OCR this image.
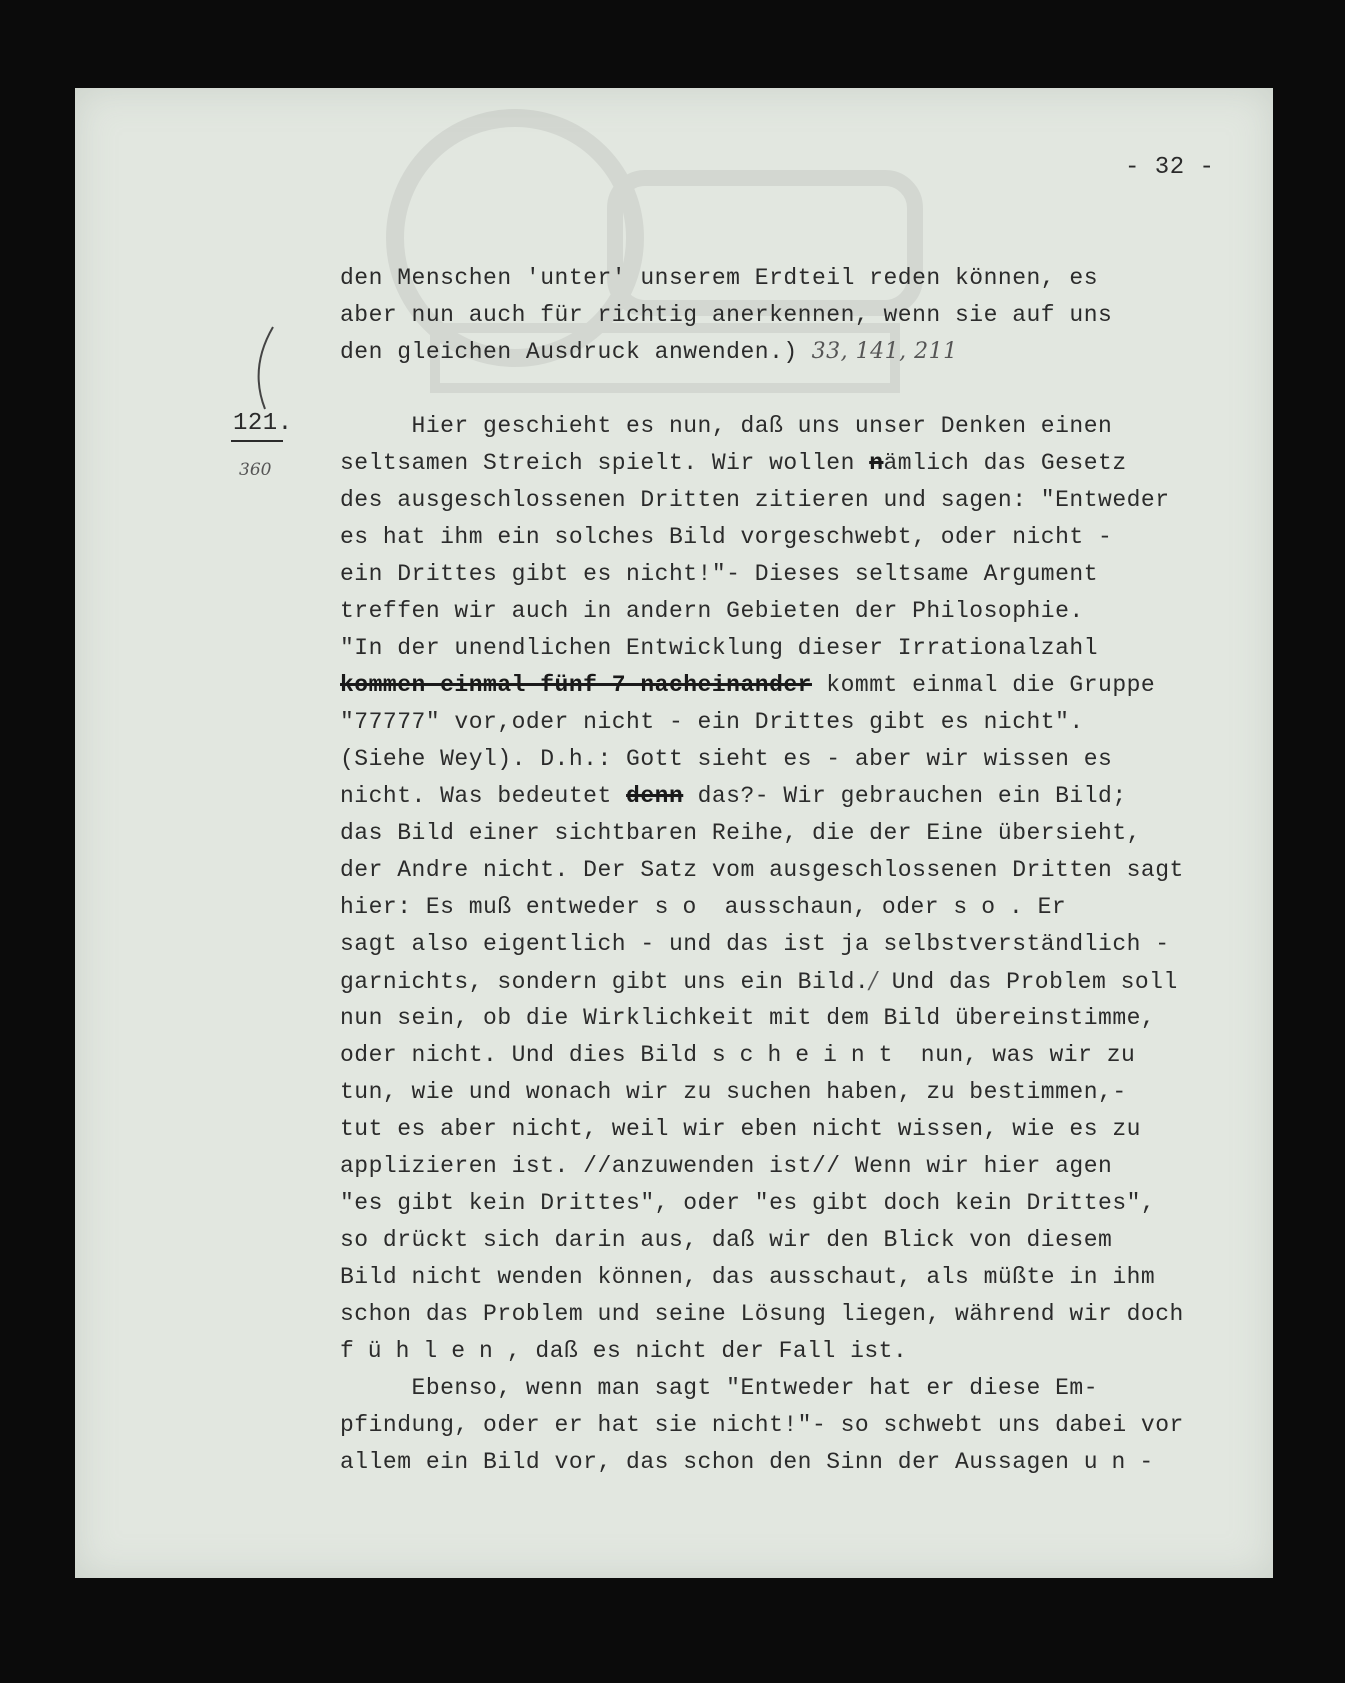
- 32 -
121.
360
den Menschen 'unter' unserem Erdteil reden können, es
aber nun auch für richtig anerkennen, wenn sie auf uns
den gleichen Ausdruck anwenden.) 33, 141, 211
Hier geschieht es nun, daß uns unser Denken einen
seltsamen Streich spielt. Wir wollen nämlich das Gesetz
des ausgeschlossenen Dritten zitieren und sagen: "Entweder
es hat ihm ein solches Bild vorgeschwebt, oder nicht -
ein Drittes gibt es nicht!"- Dieses seltsame Argument
treffen wir auch in andern Gebieten der Philosophie.
"In der unendlichen Entwicklung dieser Irrationalzahl
kommen einmal fünf 7 nacheinander kommt einmal die Gruppe
"77777" vor,oder nicht - ein Drittes gibt es nicht".
(Siehe Weyl). D.h.: Gott sieht es - aber wir wissen es
nicht. Was bedeutet denn das?- Wir gebrauchen ein Bild;
das Bild einer sichtbaren Reihe, die der Eine übersieht,
der Andre nicht. Der Satz vom ausgeschlossenen Dritten sagt
hier: Es muß entweder so ausschaun, oder so. Er
sagt also eigentlich - und das ist ja selbstverständlich -
garnichts, sondern gibt uns ein Bild./ Und das Problem soll
nun sein, ob die Wirklichkeit mit dem Bild übereinstimme,
oder nicht. Und dies Bild scheint nun, was wir zu
tun, wie und wonach wir zu suchen haben, zu bestimmen,-
tut es aber nicht, weil wir eben nicht wissen, wie es zu
applizieren ist. //anzuwenden ist// Wenn wir hier agen
"es gibt kein Drittes", oder "es gibt doch kein Drittes",
so drückt sich darin aus, daß wir den Blick von diesem
Bild nicht wenden können, das ausschaut, als müßte in ihm
schon das Problem und seine Lösung liegen, während wir doch
fühlen, daß es nicht der Fall ist.
Ebenso, wenn man sagt "Entweder hat er diese Em-
pfindung, oder er hat sie nicht!"- so schwebt uns dabei vor
allem ein Bild vor, das schon den Sinn der Aussagen un-
